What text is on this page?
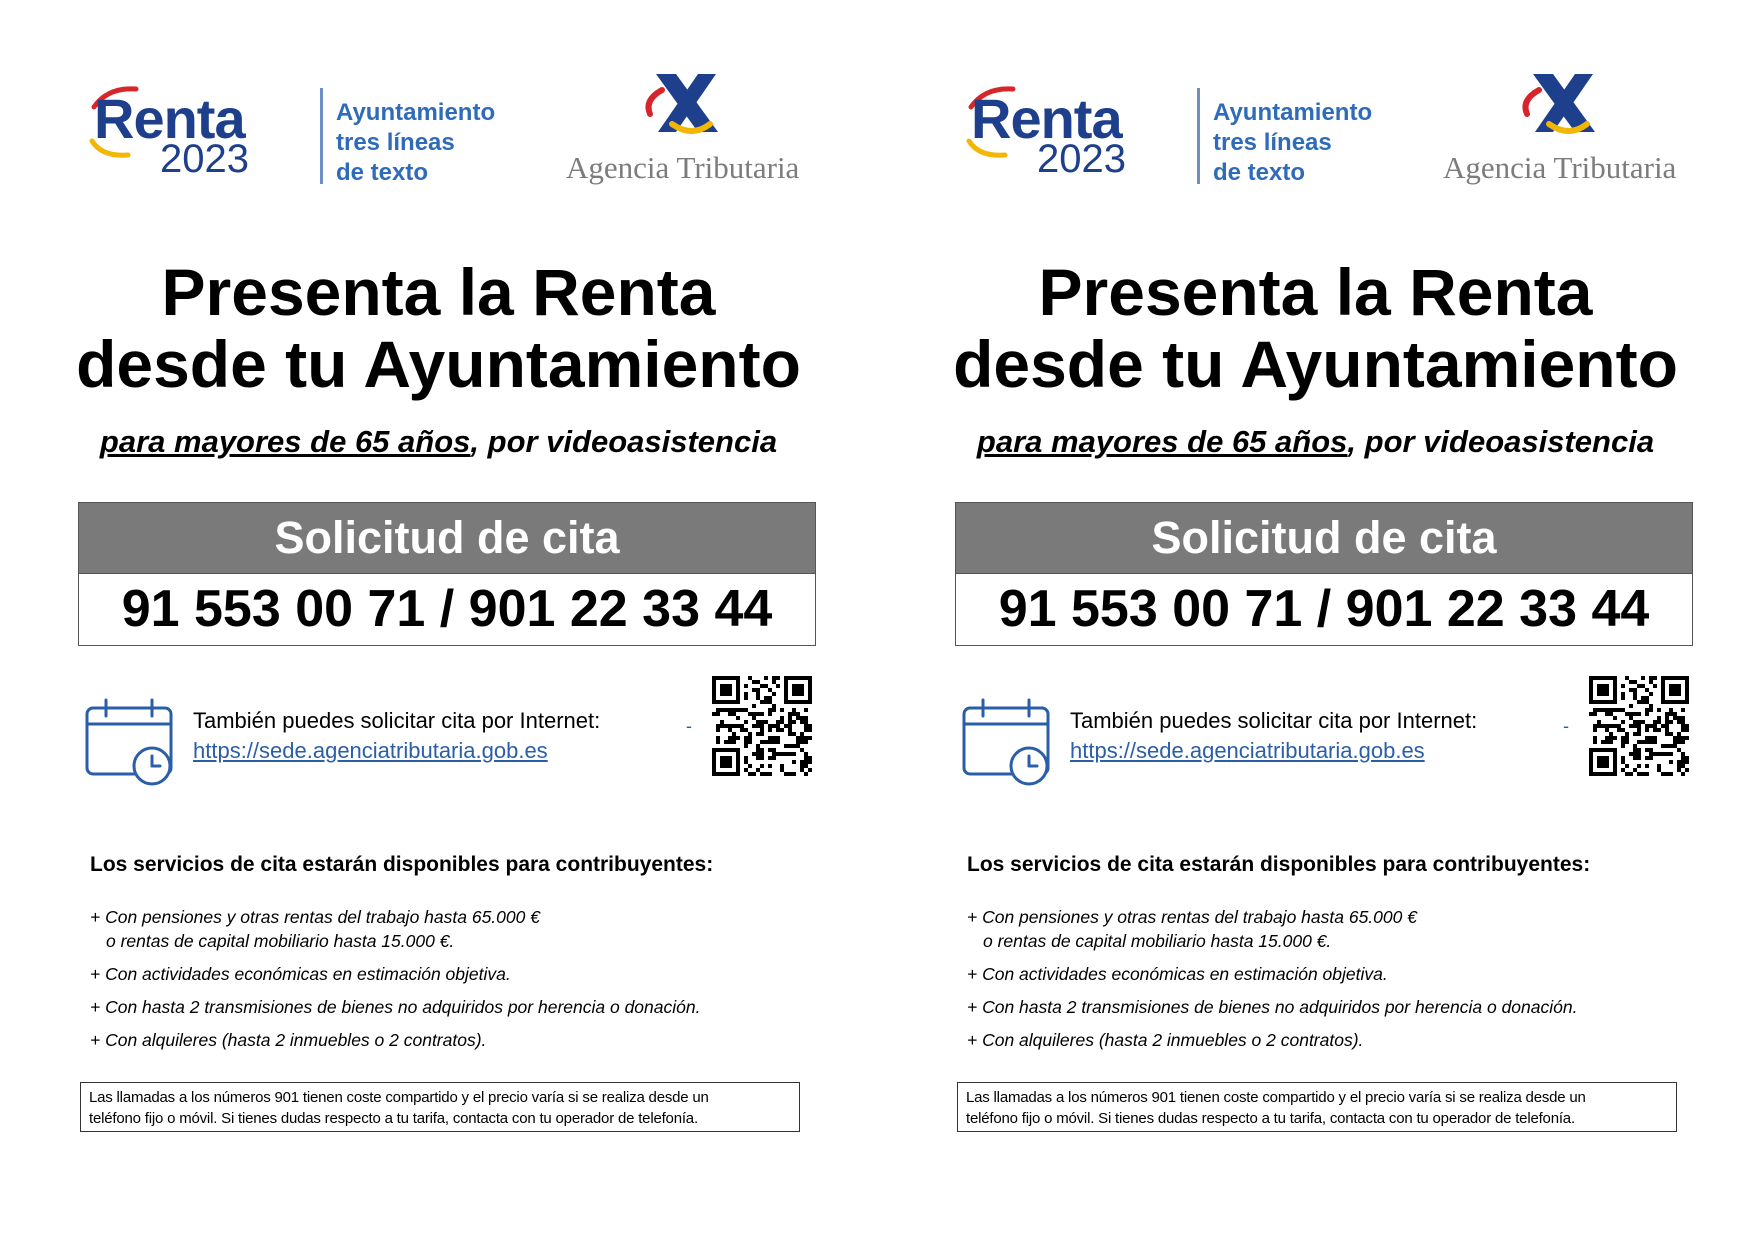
Renta
2023
Ayuntamiento
tres líneas
de texto	Agencia Tributaria
Presenta la Renta
desde tu Ayuntamiento
para mayores de 65 años, por videoasistencia
Solicitud de cita
91 553 00 71 / 901 22 33 44
También puedes solicitar cita por Internet:
https://sede.agenciatributaria.gob.es
-
Los servicios de cita estarán disponibles para contribuyentes:
+ Con pensiones y otras rentas del trabajo hasta 65.000 €
o rentas de capital mobiliario hasta 15.000 €.
+ Con actividades económicas en estimación objetiva.
+ Con hasta 2 transmisiones de bienes no adquiridos por herencia o donación.
+ Con alquileres (hasta 2 inmuebles o 2 contratos).
Las llamadas a los números 901 tienen coste compartido y el precio varía si se realiza desde un
teléfono fijo o móvil. Si tienes dudas respecto a tu tarifa, contacta con tu operador de telefonía.
Renta
2023
Ayuntamiento
tres líneas
de texto	Agencia Tributaria
Presenta la Renta
desde tu Ayuntamiento
para mayores de 65 años, por videoasistencia
Solicitud de cita
91 553 00 71 / 901 22 33 44
También puedes solicitar cita por Internet:
https://sede.agenciatributaria.gob.es
-
Los servicios de cita estarán disponibles para contribuyentes:
+ Con pensiones y otras rentas del trabajo hasta 65.000 €
o rentas de capital mobiliario hasta 15.000 €.
+ Con actividades económicas en estimación objetiva.
+ Con hasta 2 transmisiones de bienes no adquiridos por herencia o donación.
+ Con alquileres (hasta 2 inmuebles o 2 contratos).
Las llamadas a los números 901 tienen coste compartido y el precio varía si se realiza desde un
teléfono fijo o móvil. Si tienes dudas respecto a tu tarifa, contacta con tu operador de telefonía.
